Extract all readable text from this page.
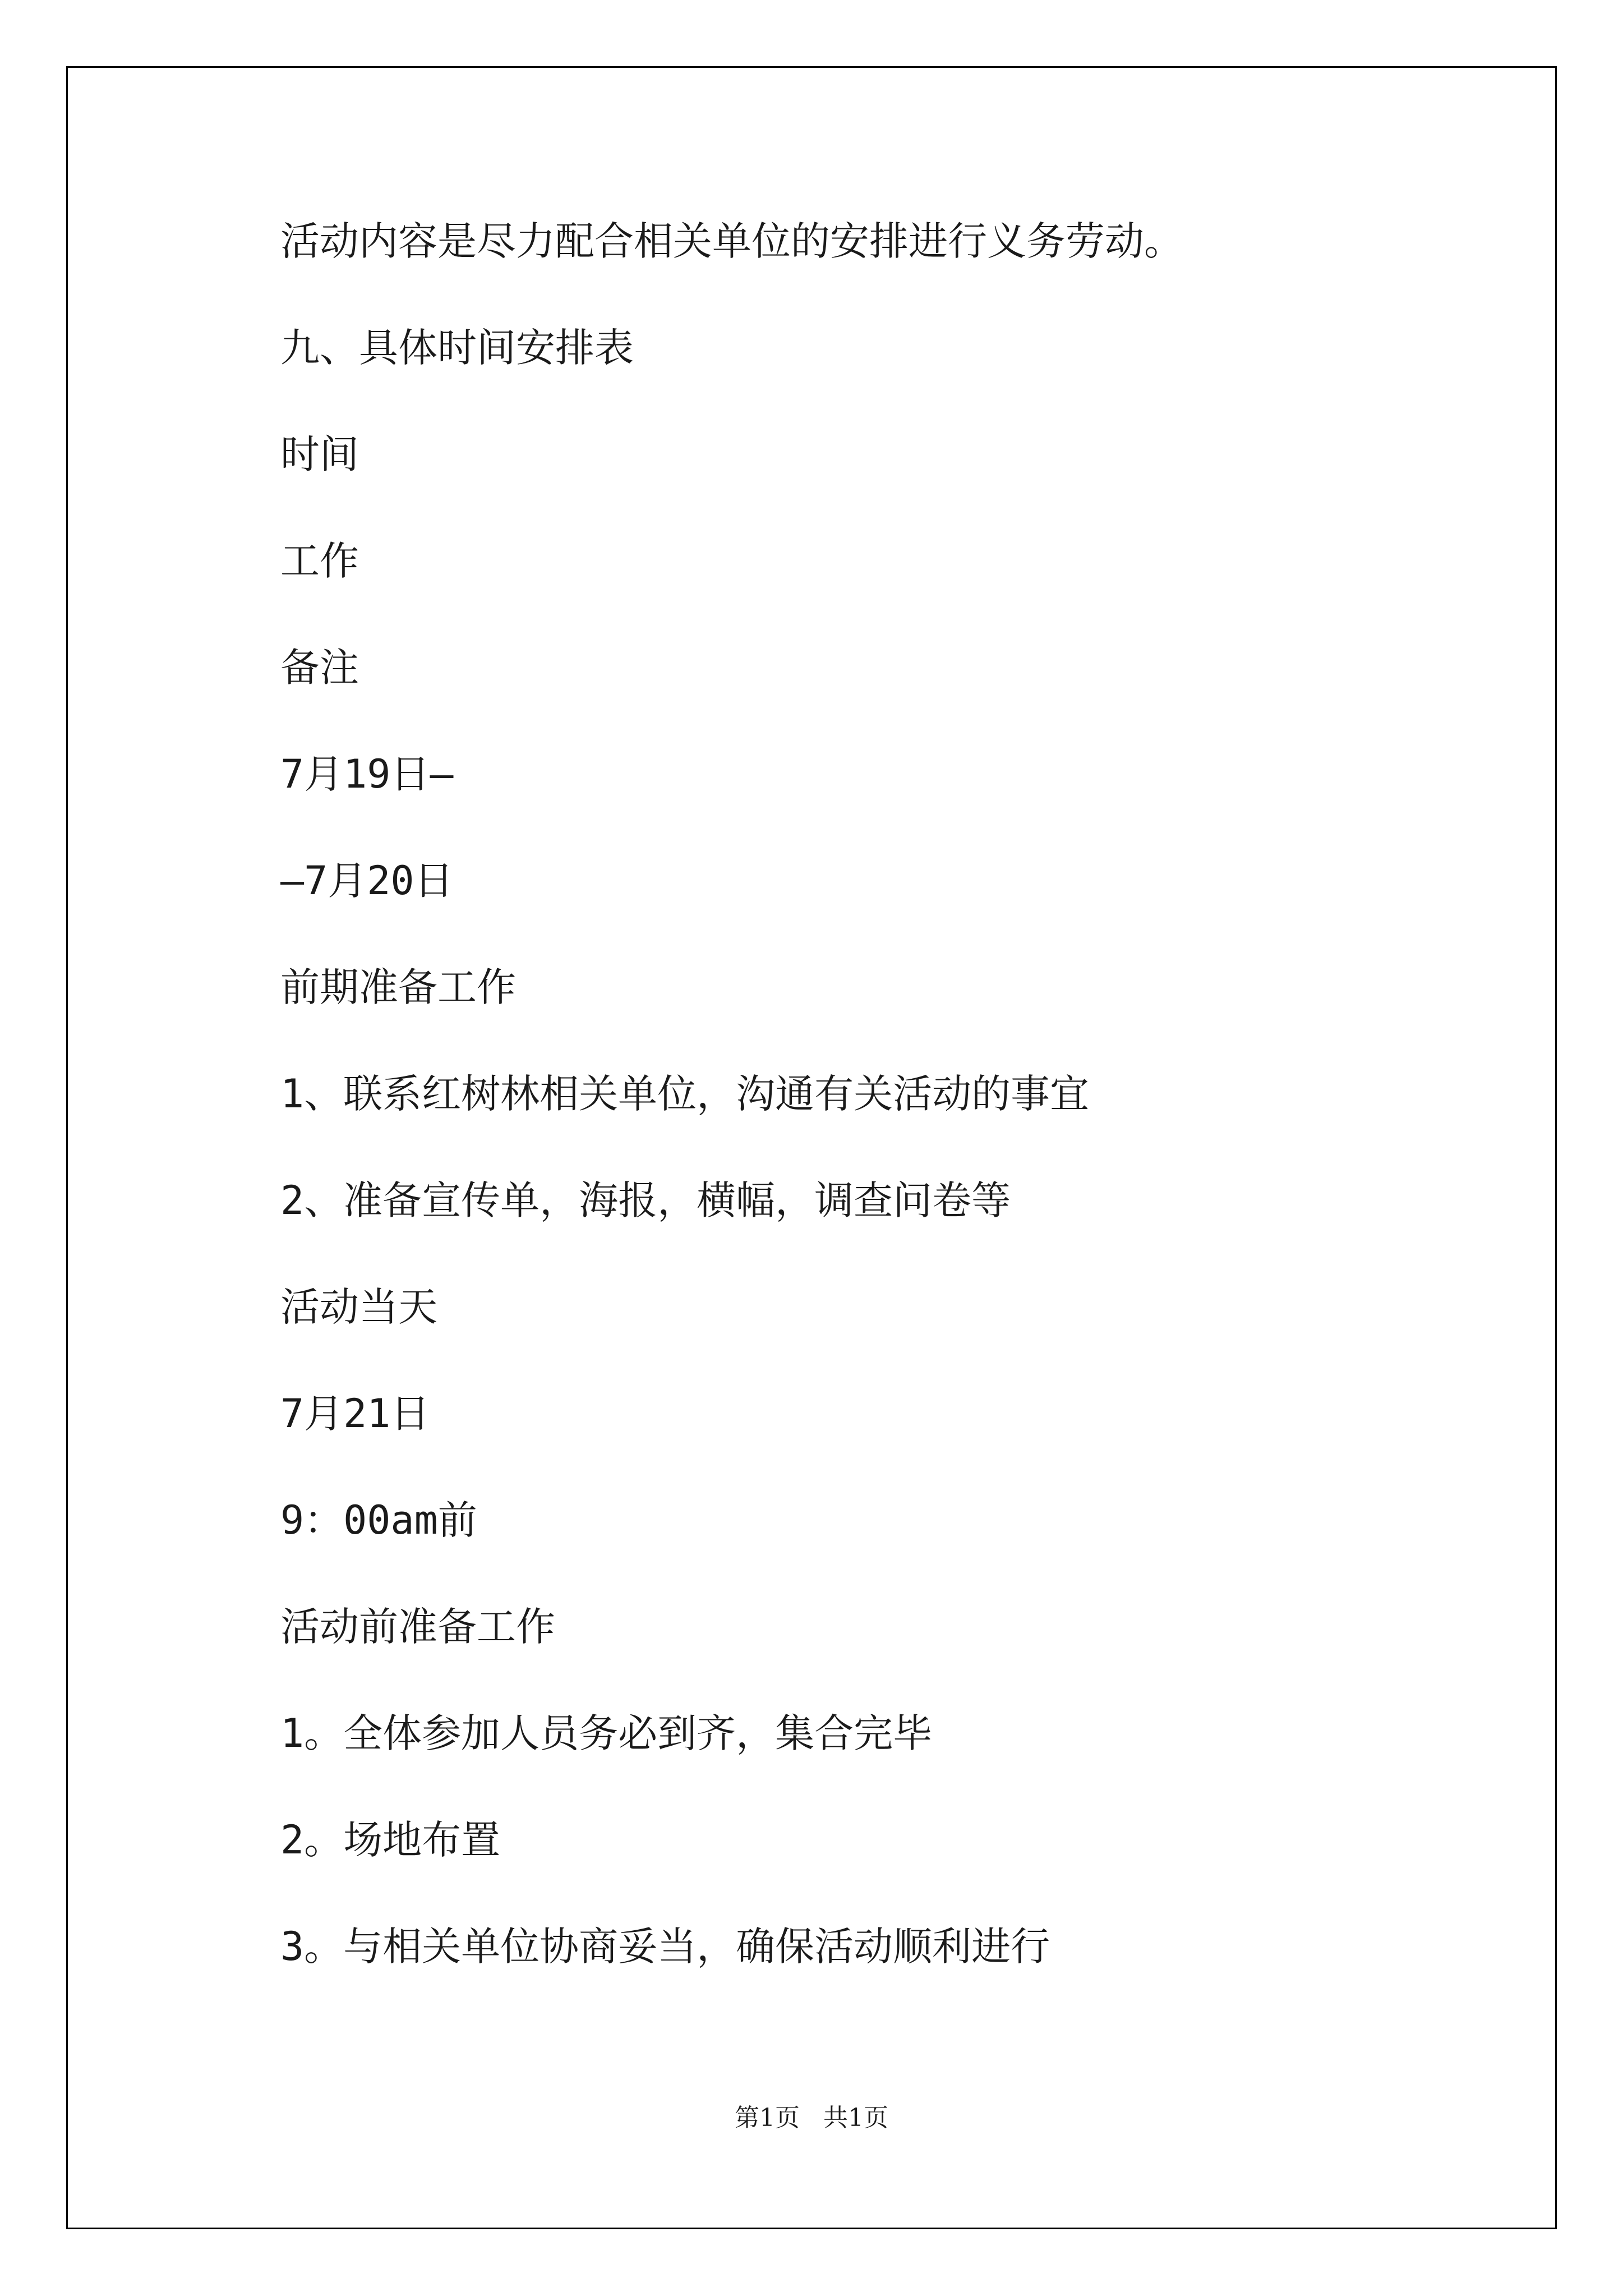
活动内容是尽力配合相关单位的安排进行义务劳动。

九、具体时间安排表

时间

工作

备注

7月19日—

—7月20日

前期准备工作

1、联系红树林相关单位，沟通有关活动的事宜

2、准备宣传单，海报，横幅，调查问卷等

活动当天

7月21日

9：00am前

活动前准备工作

1。全体参加人员务必到齐，集合完毕

2。场地布置

3。与相关单位协商妥当，确保活动顺利进行

第1页   共1页
